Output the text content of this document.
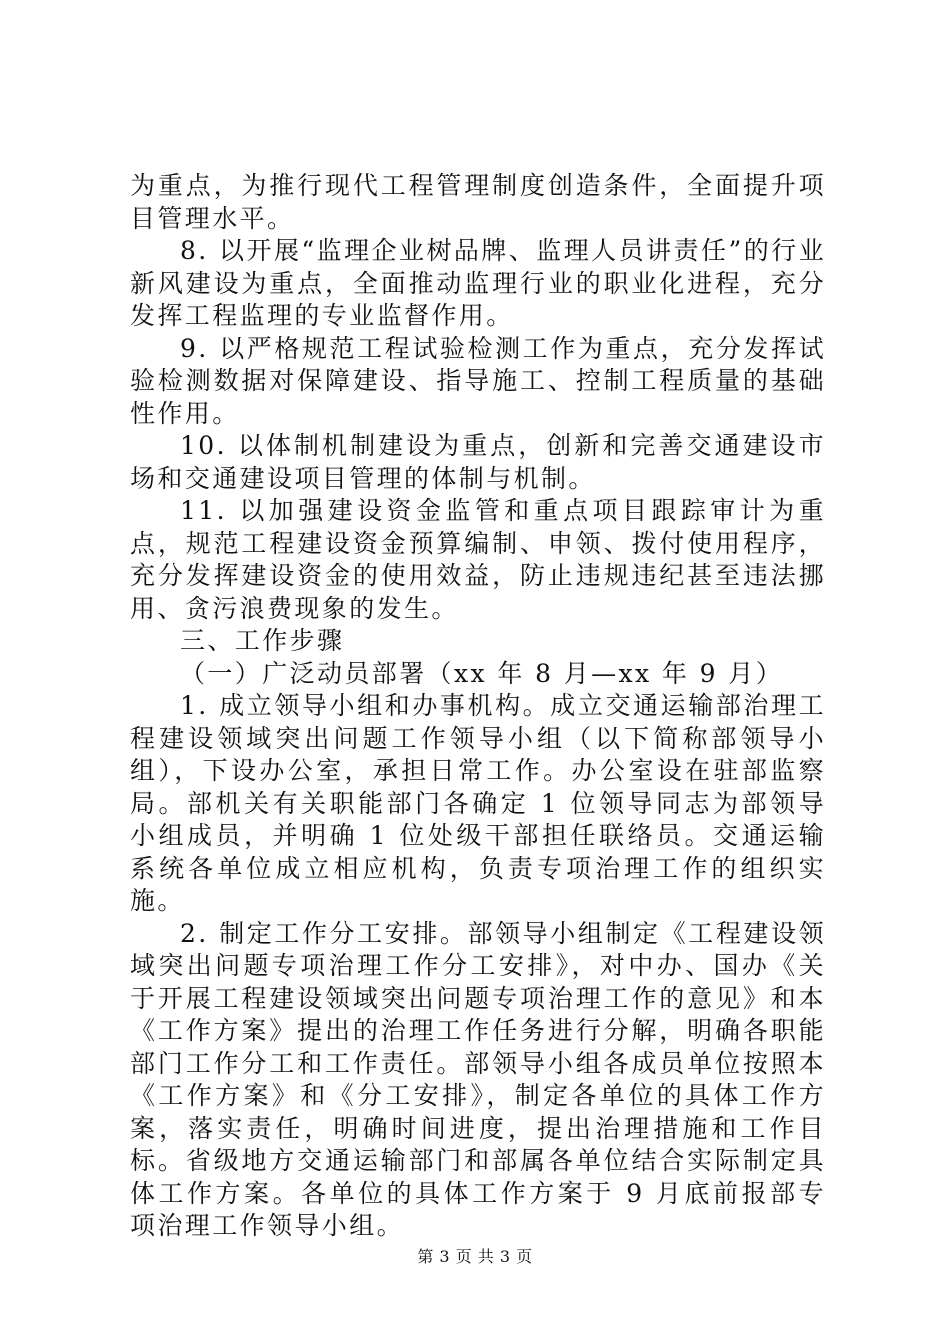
为重点，为推行现代工程管理制度创造条件，全面提升项目管理水平。

8. 以开展“监理企业树品牌、监理人员讲责任”的行业新风建设为重点，全面推动监理行业的职业化进程，充分发挥工程监理的专业监督作用。

9. 以严格规范工程试验检测工作为重点，充分发挥试验检测数据对保障建设、指导施工、控制工程质量的基础性作用。

10. 以体制机制建设为重点，创新和完善交通建设市场和交通建设项目管理的体制与机制。

11. 以加强建设资金监管和重点项目跟踪审计为重点，规范工程建设资金预算编制、申领、拨付使用程序，充分发挥建设资金的使用效益，防止违规违纪甚至违法挪用、贪污浪费现象的发生。

三、工作步骤

（一）广泛动员部署（xx 年 8 月—xx 年 9 月）

1. 成立领导小组和办事机构。成立交通运输部治理工程建设领域突出问题工作领导小组（以下简称部领导小组），下设办公室，承担日常工作。办公室设在驻部监察局。部机关有关职能部门各确定 1 位领导同志为部领导小组成员，并明确 1 位处级干部担任联络员。交通运输系统各单位成立相应机构，负责专项治理工作的组织实施。

2. 制定工作分工安排。部领导小组制定《工程建设领域突出问题专项治理工作分工安排》，对中办、国办《关于开展工程建设领域突出问题专项治理工作的意见》和本《工作方案》提出的治理工作任务进行分解，明确各职能部门工作分工和工作责任。部领导小组各成员单位按照本《工作方案》和《分工安排》，制定各单位的具体工作方案，落实责任，明确时间进度，提出治理措施和工作目标。省级地方交通运输部门和部属各单位结合实际制定具体工作方案。各单位的具体工作方案于 9 月底前报部专项治理工作领导小组。

第 3 页 共 3 页
